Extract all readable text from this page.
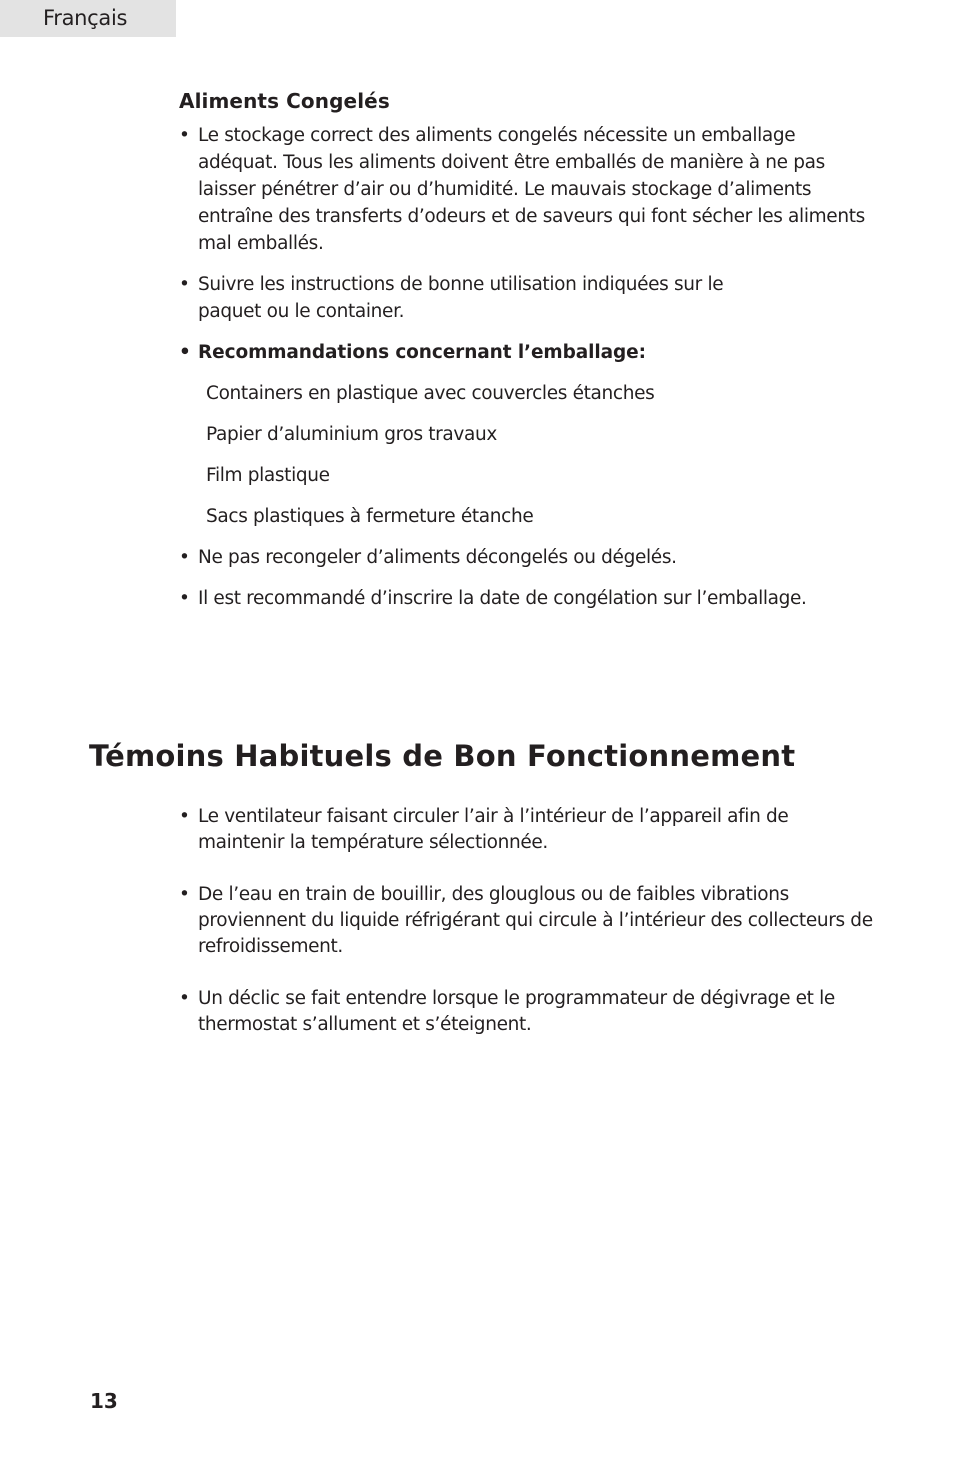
Français
Aliments Congelés
• Le stockage correct des aliments congelés nécessite un emballage adéquat. Tous les aliments doivent être emballés de manière à ne pas laisser pénétrer d’air ou d’humidité. Le mauvais stockage d’aliments entraîne des transferts d’odeurs et de saveurs qui font sécher les aliments mal emballés.
• Suivre les instructions de bonne utilisation indiquées sur le paquet ou le container.
• Recommandations concernant l’emballage:
Containers en plastique avec couvercles étanches
Papier d’aluminium gros travaux
Film plastique
Sacs plastiques à fermeture étanche
• Ne pas recongeler d’aliments décongelés ou dégelés.
• Il est recommandé d’inscrire la date de congélation sur l’emballage.
Témoins Habituels de Bon Fonctionnement
• Le ventilateur faisant circuler l’air à l’intérieur de l’appareil afin de maintenir la température sélectionnée.
• De l’eau en train de bouillir, des glouglous ou de faibles vibrations proviennent du liquide réfrigérant qui circule à l’intérieur des collecteurs de refroidissement.
• Un déclic se fait entendre lorsque le programmateur de dégivrage et le thermostat s’allument et s’éteignent.
13
